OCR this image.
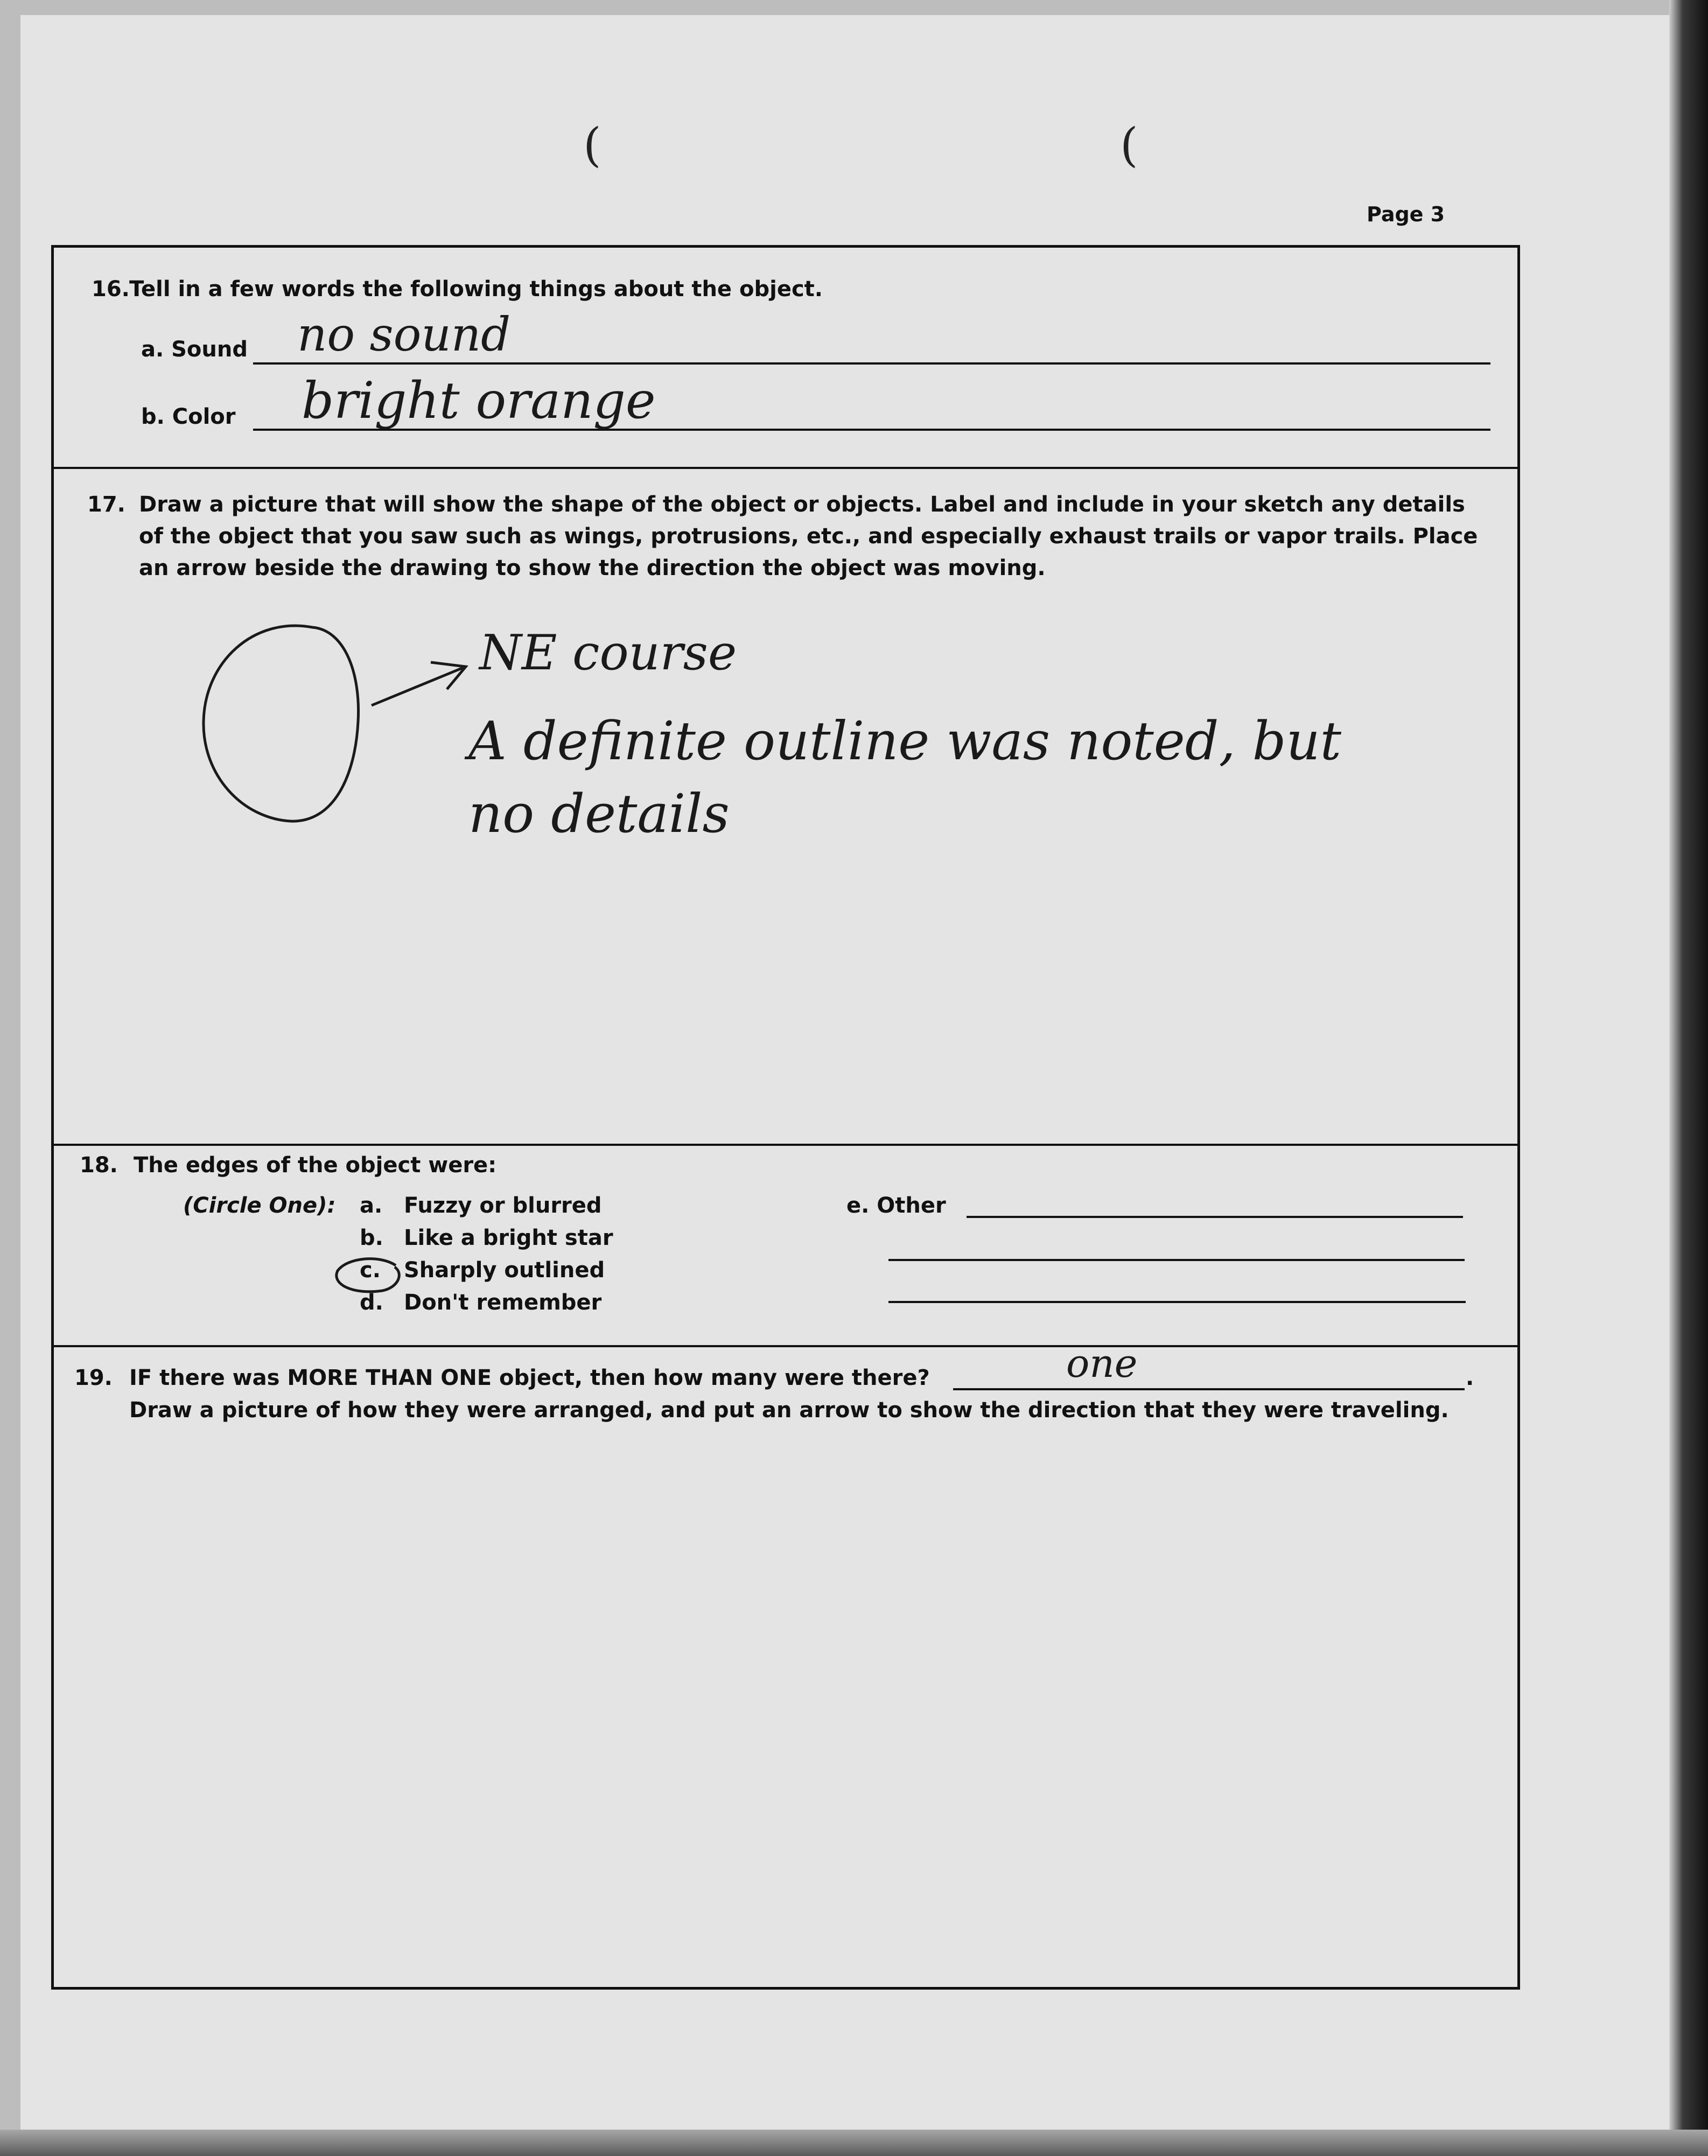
(	(
Page 3
16. Tell in a few words the following things about the object.
a. Sound no sound
b. Color bright orange
17. Draw a picture that will show the shape of the object or objects. Label and include in your sketch any details
of the object that you saw such as wings, protrusions, etc., and especially exhaust trails or vapor trails. Place
an arrow beside the drawing to show the direction the object was moving.
NE course
A definite outline was noted, but
no details
18. The edges of the object were:
(Circle One): a. Fuzzy or blurred
b. Like a bright star
c. Sharply outlined
d. Don't remember
e. Other
19. IF there was MORE THAN ONE object, then how many were there?	one	.
Draw a picture of how they were arranged, and put an arrow to show the direction that they were traveling.
